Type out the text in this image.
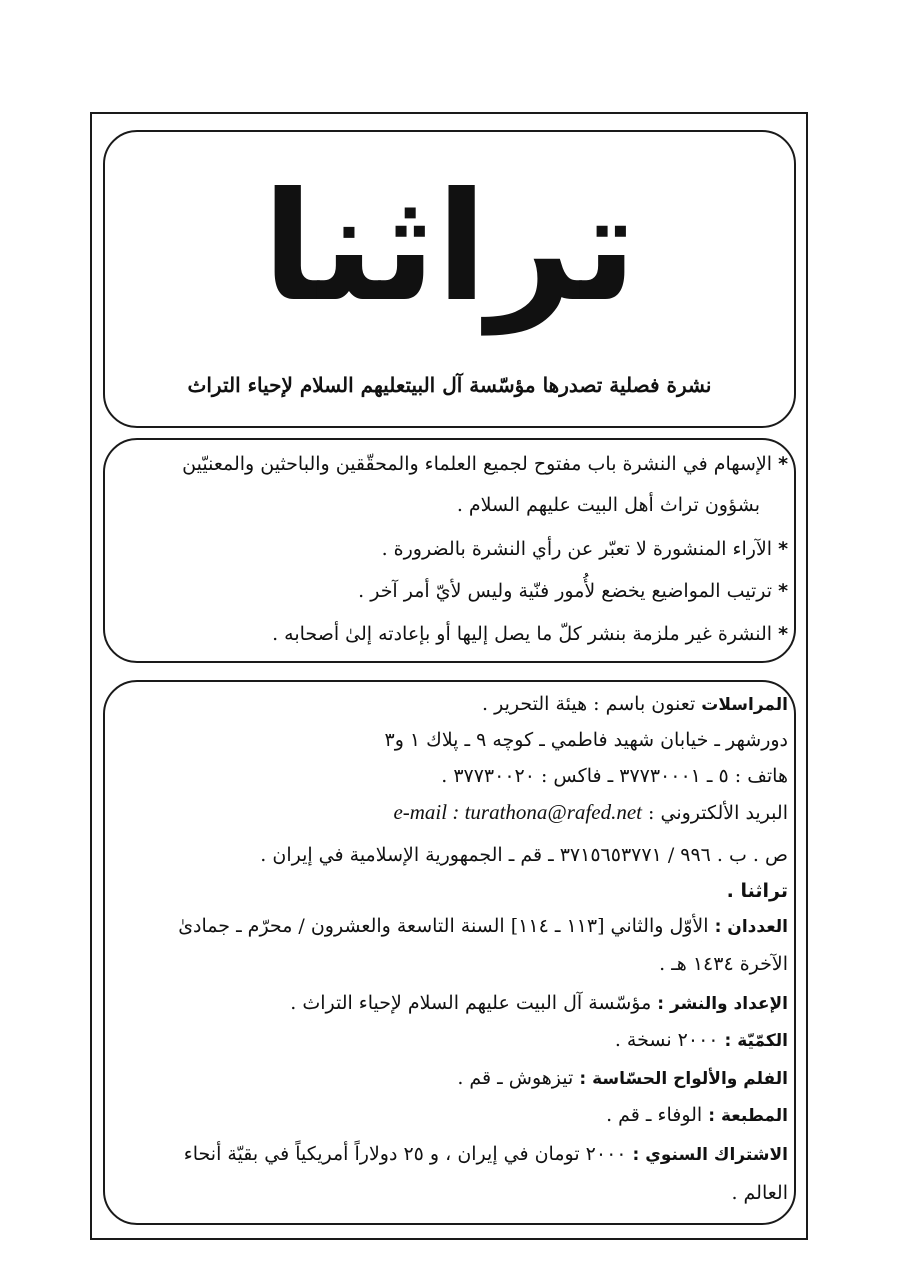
تراثنا
نشرة فصلية تصدرها مؤسّسة آل البيتعليهم السلام لإحياء التراث
*الإسهام في النشرة باب مفتوح لجميع العلماء والمحقّقين والباحثين والمعنيّين
بشؤون تراث أهل البيت عليهم السلام .
*الآراء المنشورة لا تعبّر عن رأي النشرة بالضرورة .
*ترتيب المواضيع يخضع لأُمور فنّية وليس لأيّ أمر آخر .
*النشرة غير ملزمة بنشر كلّ ما يصل إليها أو بإعادته إلىٰ أصحابه .
المراسلات تعنون باسم : هيئة التحرير .
دورشهر ـ خيابان شهيد فاطمي ـ كوچه ٩ ـ پلاك ١ و٣
هاتف : ٥ ـ ٣٧٧٣٠٠٠١ ـ فاكس : ٣٧٧٣٠٠٢٠ .
البريد الألكتروني : e-mail : turathona@rafed.net
ص . ب . ٩٩٦ / ٣٧١٥٦٥٣٧٧١ ـ قم ـ الجمهورية الإسلامية في إيران .
تراثنا .
العددان : الأوّل والثاني [١١٣ ـ ١١٤] السنة التاسعة والعشرون / محرّم ـ جمادىٰ
الآخرة ١٤٣٤ هـ .
الإعداد والنشر : مؤسّسة آل البيت عليهم السلام لإحياء التراث .
الكمّيّة : ٢٠٠٠ نسخة .
الفلم والألواح الحسّاسة : تيزهوش ـ قم .
المطبعة : الوفاء ـ قم .
الاشتراك السنوي : ٢٠٠٠ تومان في إيران ، و ٢٥ دولاراً أمريكياً في بقيّة أنحاء
العالم .
